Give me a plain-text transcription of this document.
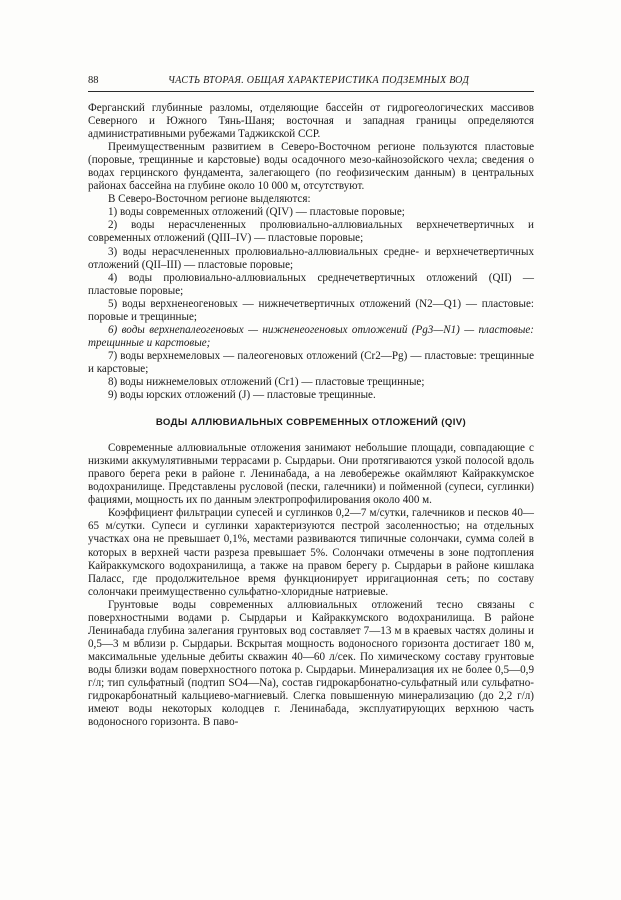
88	ЧАСТЬ ВТОРАЯ. ОБЩАЯ ХАРАКТЕРИСТИКА ПОДЗЕМНЫХ ВОД

Ферганский глубинные разломы, отделяющие бассейн от гидрогеологических массивов Северного и Южного Тянь-Шаня; восточная и западная границы определяются административными рубежами Таджикской ССР.

Преимущественным развитием в Северо-Восточном регионе пользуются пластовые (поровые, трещинные и карстовые) воды осадочного мезо-кайнозойского чехла; сведения о водах герцинского фундамента, залегающего (по геофизическим данным) в центральных районах бассейна на глубине около 10 000 м, отсутствуют.

В Северо-Восточном регионе выделяются:

1) воды современных отложений (QIV) — пластовые поровые;

2) воды нерасчлененных пролювиально-аллювиальных верхнечетвертичных и современных отложений (QIII–IV) — пластовые поровые;

3) воды нерасчлененных пролювиально-аллювиальных средне- и верхнечетвертичных отложений (QII–III) — пластовые поровые;

4) воды пролювиально-аллювиальных среднечетвертичных отложений (QII) — пластовые поровые;

5) воды верхненеогеновых — нижнечетвертичных отложений (N2—Q1) — пластовые: поровые и трещинные;

6) воды верхнепалеогеновых — нижненеогеновых отложений (Pg3—N1) — пластовые: трещинные и карстовые;

7) воды верхнемеловых — палеогеновых отложений (Cr2—Pg) — пластовые: трещинные и карстовые;

8) воды нижнемеловых отложений (Cr1) — пластовые трещинные;

9) воды юрских отложений (J) — пластовые трещинные.

ВОДЫ АЛЛЮВИАЛЬНЫХ СОВРЕМЕННЫХ ОТЛОЖЕНИЙ (QIV)

Современные аллювиальные отложения занимают небольшие площади, совпадающие с низкими аккумулятивными террасами р. Сырдарьи. Они протягиваются узкой полосой вдоль правого берега реки в районе г. Ленинабада, а на левобережье окаймляют Кайраккумское водохранилище. Представлены русловой (пески, галечники) и пойменной (супеси, суглинки) фациями, мощность их по данным электропрофилирования около 400 м.

Коэффициент фильтрации супесей и суглинков 0,2—7 м/сутки, галечников и песков 40—65 м/сутки. Супеси и суглинки характеризуются пестрой засоленностью; на отдельных участках она не превышает 0,1%, местами развиваются типичные солончаки, сумма солей в которых в верхней части разреза превышает 5%. Солончаки отмечены в зоне подтопления Кайраккумского водохранилища, а также на правом берегу р. Сырдарьи в районе кишлака Паласс, где продолжительное время функционирует ирригационная сеть; по составу солончаки преимущественно сульфатно-хлоридные натриевые.

Грунтовые воды современных аллювиальных отложений тесно связаны с поверхностными водами р. Сырдарьи и Кайраккумского водохранилища. В районе Ленинабада глубина залегания грунтовых вод составляет 7—13 м в краевых частях долины и 0,5—3 м вблизи р. Сырдарьи. Вскрытая мощность водоносного горизонта достигает 180 м, максимальные удельные дебиты скважин 40—60 л/сек. По химическому составу грунтовые воды близки водам поверхностного потока р. Сырдарьи. Минерализация их не более 0,5—0,9 г/л; тип сульфатный (подтип SO4—Na), состав гидрокарбонатно-сульфатный или сульфатно-гидрокарбонатный кальциево-магниевый. Слегка повышенную минерализацию (до 2,2 г/л) имеют воды некоторых колодцев г. Ленинабада, эксплуатирующих верхнюю часть водоносного горизонта. В паво-
